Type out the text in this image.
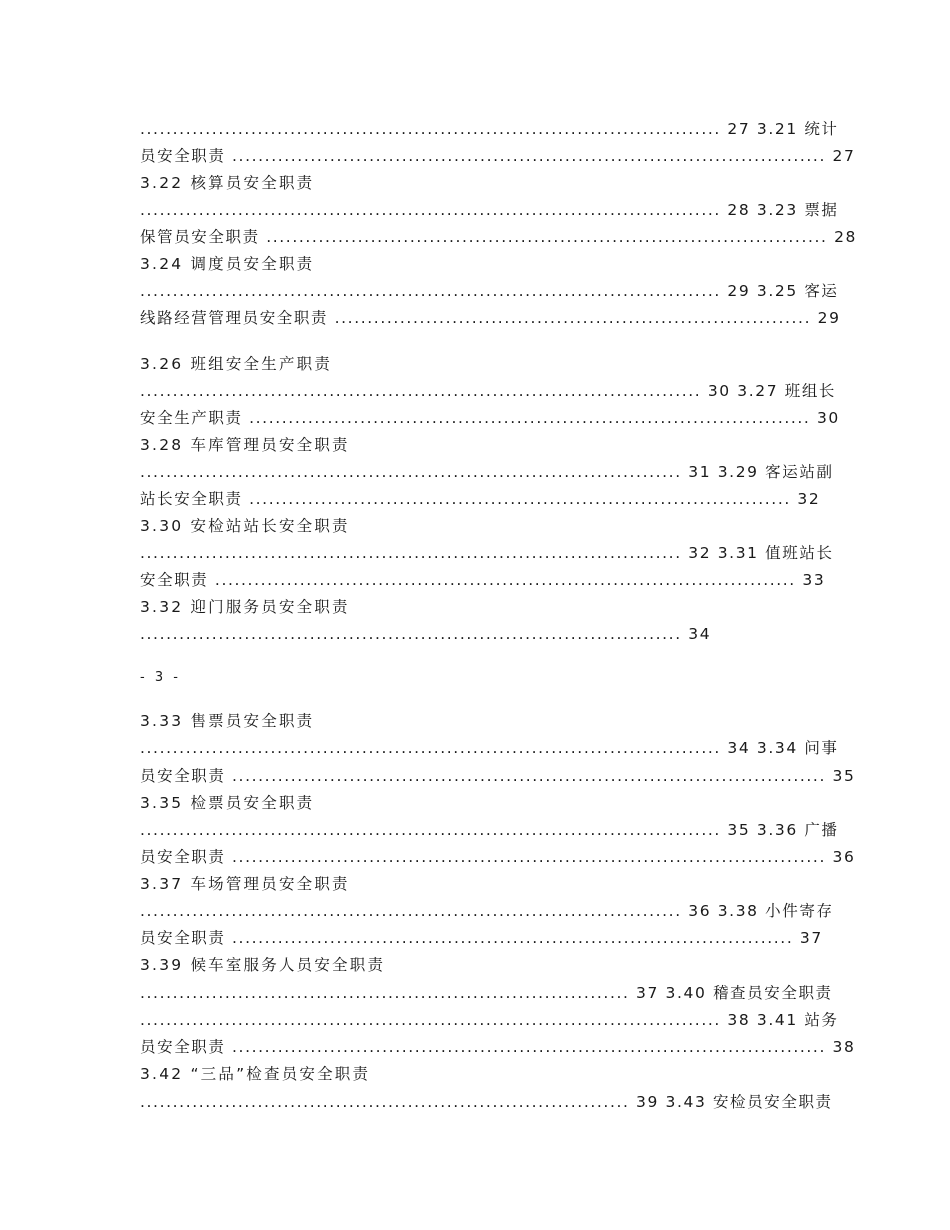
......................................................................................... 27 3.21 统计
员安全职责 ........................................................................................... 27
3.22 核算员安全职责
......................................................................................... 28 3.23 票据
保管员安全职责 ...................................................................................... 28
3.24 调度员安全职责
......................................................................................... 29 3.25 客运
线路经营管理员安全职责 ......................................................................... 29
3.26 班组安全生产职责
...................................................................................... 30 3.27 班组长
安全生产职责 ...................................................................................... 30
3.28 车库管理员安全职责
................................................................................... 31 3.29 客运站副
站长安全职责 ................................................................................... 32
3.30 安检站站长安全职责
................................................................................... 32 3.31 值班站长
安全职责 ......................................................................................... 33
3.32 迎门服务员安全职责
................................................................................... 34
- 3 -
3.33 售票员安全职责
......................................................................................... 34 3.34 问事
员安全职责 ........................................................................................... 35
3.35 检票员安全职责
......................................................................................... 35 3.36 广播
员安全职责 ........................................................................................... 36
3.37 车场管理员安全职责
................................................................................... 36 3.38 小件寄存
员安全职责 ...................................................................................... 37
3.39 候车室服务人员安全职责
........................................................................... 37 3.40 稽查员安全职责
......................................................................................... 38 3.41 站务
员安全职责 ........................................................................................... 38
3.42 “三品”检查员安全职责
........................................................................... 39 3.43 安检员安全职责
